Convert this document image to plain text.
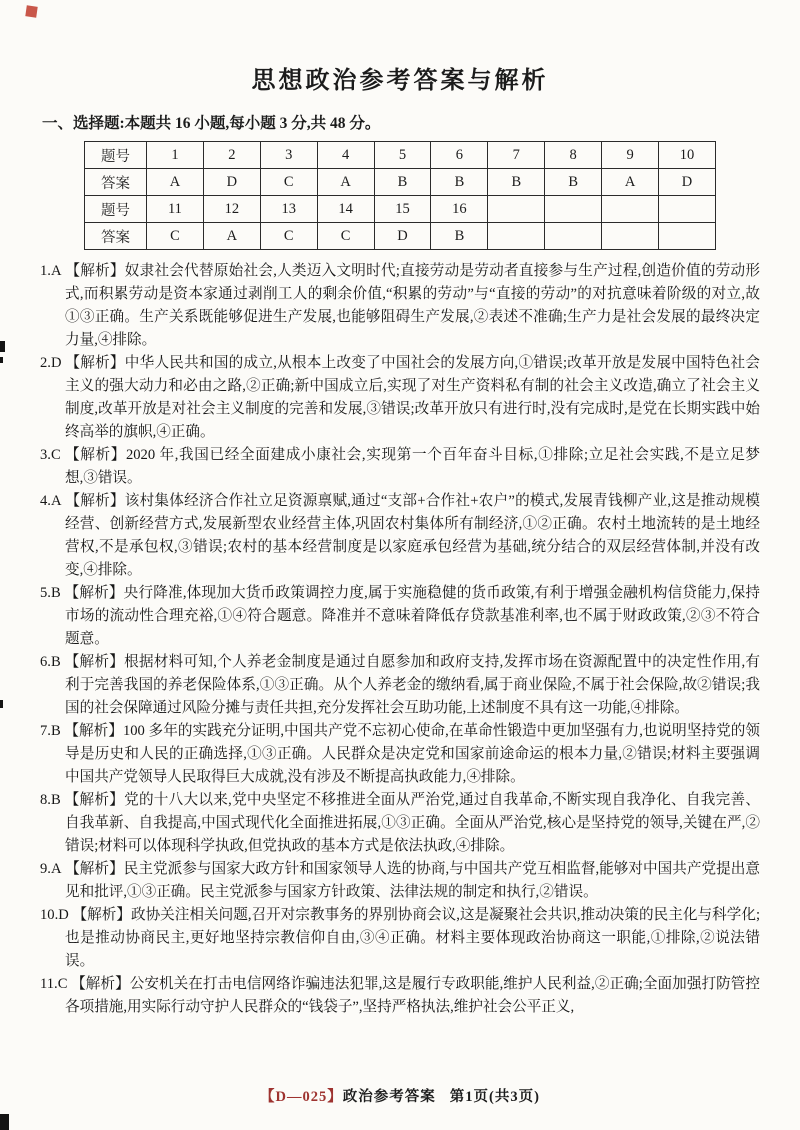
思想政治参考答案与解析
一、选择题:本题共 16 小题,每小题 3 分,共 48 分。
题号	1	2	3	4	5	6	7	8	9	10
答案	A	D	C	A	B	B	B	B	A	D
题号	11	12	13	14	15	16				
答案	C	A	C	C	D	B				

1.A 【解析】奴隶社会代替原始社会,人类迈入文明时代;直接劳动是劳动者直接参与生产过程,创造价值的劳动形式,而积累劳动是资本家通过剥削工人的剩余价值,“积累的劳动”与“直接的劳动”的对抗意味着阶级的对立,故①③正确。生产关系既能够促进生产发展,也能够阻碍生产发展,②表述不准确;生产力是社会发展的最终决定力量,④排除。

2.D 【解析】中华人民共和国的成立,从根本上改变了中国社会的发展方向,①错误;改革开放是发展中国特色社会主义的强大动力和必由之路,②正确;新中国成立后,实现了对生产资料私有制的社会主义改造,确立了社会主义制度,改革开放是对社会主义制度的完善和发展,③错误;改革开放只有进行时,没有完成时,是党在长期实践中始终高举的旗帜,④正确。

3.C 【解析】2020 年,我国已经全面建成小康社会,实现第一个百年奋斗目标,①排除;立足社会实践,不是立足梦想,③错误。

4.A 【解析】该村集体经济合作社立足资源禀赋,通过“支部+合作社+农户”的模式,发展青钱柳产业,这是推动规模经营、创新经营方式,发展新型农业经营主体,巩固农村集体所有制经济,①②正确。农村土地流转的是土地经营权,不是承包权,③错误;农村的基本经营制度是以家庭承包经营为基础,统分结合的双层经营体制,并没有改变,④排除。

5.B 【解析】央行降准,体现加大货币政策调控力度,属于实施稳健的货币政策,有利于增强金融机构信贷能力,保持市场的流动性合理充裕,①④符合题意。降准并不意味着降低存贷款基准利率,也不属于财政政策,②③不符合题意。

6.B 【解析】根据材料可知,个人养老金制度是通过自愿参加和政府支持,发挥市场在资源配置中的决定性作用,有利于完善我国的养老保险体系,①③正确。从个人养老金的缴纳看,属于商业保险,不属于社会保险,故②错误;我国的社会保障通过风险分摊与责任共担,充分发挥社会互助功能,上述制度不具有这一功能,④排除。

7.B 【解析】100 多年的实践充分证明,中国共产党不忘初心使命,在革命性锻造中更加坚强有力,也说明坚持党的领导是历史和人民的正确选择,①③正确。人民群众是决定党和国家前途命运的根本力量,②错误;材料主要强调中国共产党领导人民取得巨大成就,没有涉及不断提高执政能力,④排除。

8.B 【解析】党的十八大以来,党中央坚定不移推进全面从严治党,通过自我革命,不断实现自我净化、自我完善、自我革新、自我提高,中国式现代化全面推进拓展,①③正确。全面从严治党,核心是坚持党的领导,关键在严,②错误;材料可以体现科学执政,但党执政的基本方式是依法执政,④排除。

9.A 【解析】民主党派参与国家大政方针和国家领导人选的协商,与中国共产党互相监督,能够对中国共产党提出意见和批评,①③正确。民主党派参与国家方针政策、法律法规的制定和执行,②错误。

10.D 【解析】政协关注相关问题,召开对宗教事务的界别协商会议,这是凝聚社会共识,推动决策的民主化与科学化;也是推动协商民主,更好地坚持宗教信仰自由,③④正确。材料主要体现政治协商这一职能,①排除,②说法错误。

11.C 【解析】公安机关在打击电信网络诈骗违法犯罪,这是履行专政职能,维护人民利益,②正确;全面加强打防管控各项措施,用实际行动守护人民群众的“钱袋子”,坚持严格执法,维护社会公平正义,

【D—025】政治参考答案 第1页(共3页)
